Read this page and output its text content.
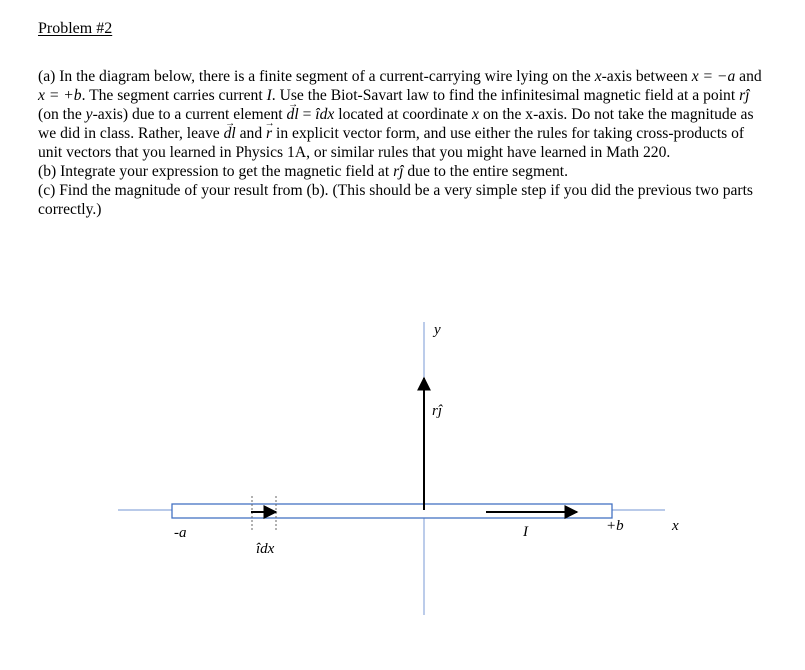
Problem #2

(a) In the diagram below, there is a finite segment of a current-carrying wire lying on the x-axis between x = −a and x = +b. The segment carries current I. Use the Biot-Savart law to find the infinitesimal magnetic field at a point rĵ (on the y-axis) due to a current element → dl = îdx located at coordinate x on the x-axis. Do not take the magnitude as we did in class. Rather, leave → dl and → r in explicit vector form, and use either the rules for taking cross-products of unit vectors that you learned in Physics 1A, or similar rules that you might have learned in Math 220.

(b) Integrate your expression to get the magnetic field at rĵ due to the entire segment.

(c) Find the magnitude of your result from (b). (This should be a very simple step if you did the previous two parts correctly.)

y
rĵ
x
-a	+b
I
îdx
